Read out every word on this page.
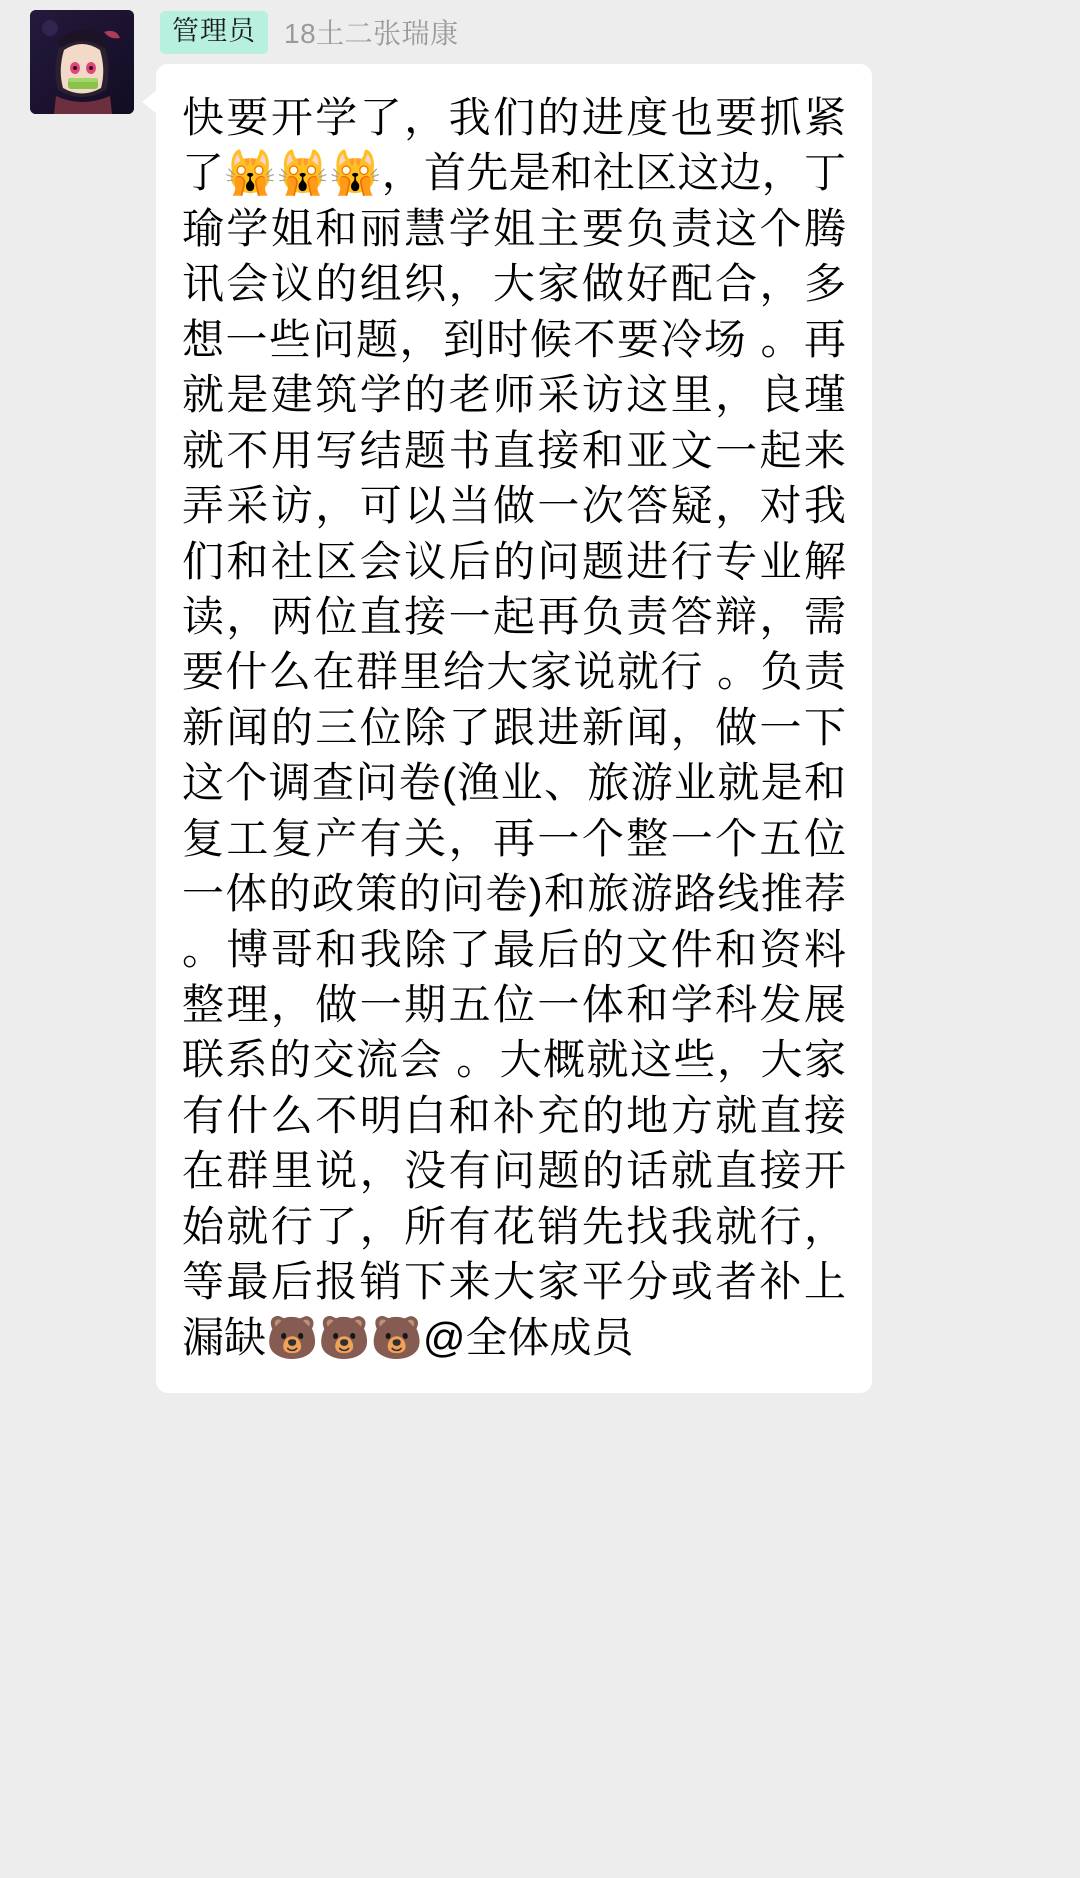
管理员	18土二张瑞康
快要开学了，我们的进度也要抓紧了🙀🙀🙀，首先是和社区这边，丁瑜学姐和丽慧学姐主要负责这个腾讯会议的组织，大家做好配合，多想一些问题，到时候不要冷场 。再就是建筑学的老师采访这里，良瑾就不用写结题书直接和亚文一起来弄采访，可以当做一次答疑，对我们和社区会议后的问题进行专业解读，两位直接一起再负责答辩，需要什么在群里给大家说就行 。负责新闻的三位除了跟进新闻，做一下这个调查问卷(渔业、旅游业就是和复工复产有关，再一个整一个五位一体的政策的问卷)和旅游路线推荐 。博哥和我除了最后的文件和资料整理，做一期五位一体和学科发展联系的交流会 。大概就这些，大家有什么不明白和补充的地方就直接在群里说，没有问题的话就直接开始就行了，所有花销先找我就行，等最后报销下来大家平分或者补上漏缺🐻🐻🐻@全体成员
